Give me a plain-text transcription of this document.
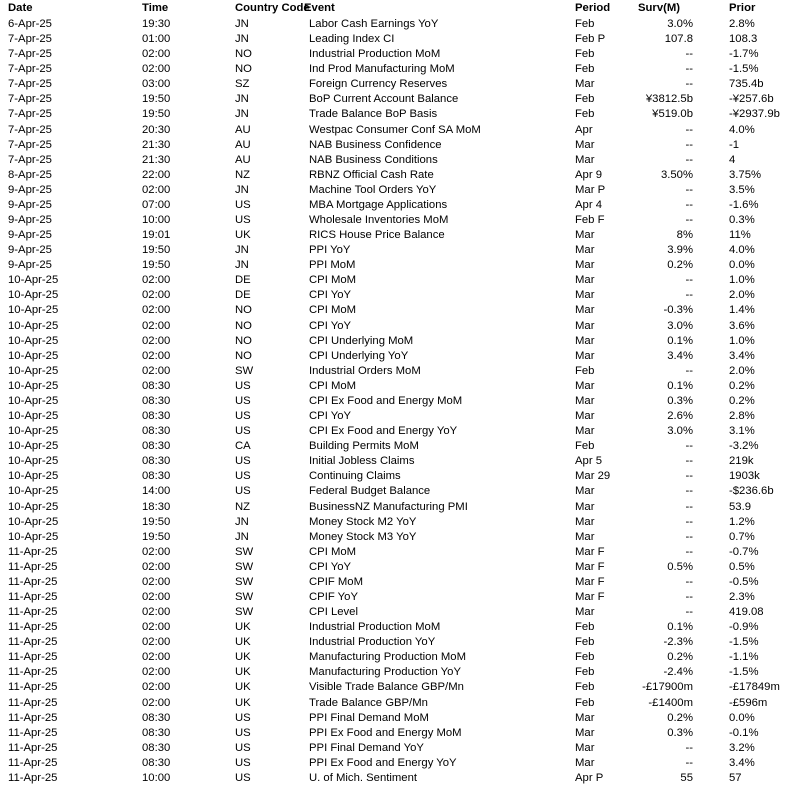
Date	Time	Country Code	Event	Period	Surv(M)	Prior
6-Apr-25	19:30	JN	Labor Cash Earnings YoY	Feb	3.0%	2.8%
7-Apr-25	01:00	JN	Leading Index CI	Feb P	107.8	108.3
7-Apr-25	02:00	NO	Industrial Production MoM	Feb	--	-1.7%
7-Apr-25	02:00	NO	Ind Prod Manufacturing MoM	Feb	--	-1.5%
7-Apr-25	03:00	SZ	Foreign Currency Reserves	Mar	--	735.4b
7-Apr-25	19:50	JN	BoP Current Account Balance	Feb	¥3812.5b	-¥257.6b
7-Apr-25	19:50	JN	Trade Balance BoP Basis	Feb	¥519.0b	-¥2937.9b
7-Apr-25	20:30	AU	Westpac Consumer Conf SA MoM	Apr	--	4.0%
7-Apr-25	21:30	AU	NAB Business Confidence	Mar	--	-1
7-Apr-25	21:30	AU	NAB Business Conditions	Mar	--	4
8-Apr-25	22:00	NZ	RBNZ Official Cash Rate	Apr 9	3.50%	3.75%
9-Apr-25	02:00	JN	Machine Tool Orders YoY	Mar P	--	3.5%
9-Apr-25	07:00	US	MBA Mortgage Applications	Apr 4	--	-1.6%
9-Apr-25	10:00	US	Wholesale Inventories MoM	Feb F	--	0.3%
9-Apr-25	19:01	UK	RICS House Price Balance	Mar	8%	11%
9-Apr-25	19:50	JN	PPI YoY	Mar	3.9%	4.0%
9-Apr-25	19:50	JN	PPI MoM	Mar	0.2%	0.0%
10-Apr-25	02:00	DE	CPI MoM	Mar	--	1.0%
10-Apr-25	02:00	DE	CPI YoY	Mar	--	2.0%
10-Apr-25	02:00	NO	CPI MoM	Mar	-0.3%	1.4%
10-Apr-25	02:00	NO	CPI YoY	Mar	3.0%	3.6%
10-Apr-25	02:00	NO	CPI Underlying MoM	Mar	0.1%	1.0%
10-Apr-25	02:00	NO	CPI Underlying YoY	Mar	3.4%	3.4%
10-Apr-25	02:00	SW	Industrial Orders MoM	Feb	--	2.0%
10-Apr-25	08:30	US	CPI MoM	Mar	0.1%	0.2%
10-Apr-25	08:30	US	CPI Ex Food and Energy MoM	Mar	0.3%	0.2%
10-Apr-25	08:30	US	CPI YoY	Mar	2.6%	2.8%
10-Apr-25	08:30	US	CPI Ex Food and Energy YoY	Mar	3.0%	3.1%
10-Apr-25	08:30	CA	Building Permits MoM	Feb	--	-3.2%
10-Apr-25	08:30	US	Initial Jobless Claims	Apr 5	--	219k
10-Apr-25	08:30	US	Continuing Claims	Mar 29	--	1903k
10-Apr-25	14:00	US	Federal Budget Balance	Mar	--	-$236.6b
10-Apr-25	18:30	NZ	BusinessNZ Manufacturing PMI	Mar	--	53.9
10-Apr-25	19:50	JN	Money Stock M2 YoY	Mar	--	1.2%
10-Apr-25	19:50	JN	Money Stock M3 YoY	Mar	--	0.7%
11-Apr-25	02:00	SW	CPI MoM	Mar F	--	-0.7%
11-Apr-25	02:00	SW	CPI YoY	Mar F	0.5%	0.5%
11-Apr-25	02:00	SW	CPIF MoM	Mar F	--	-0.5%
11-Apr-25	02:00	SW	CPIF YoY	Mar F	--	2.3%
11-Apr-25	02:00	SW	CPI Level	Mar	--	419.08
11-Apr-25	02:00	UK	Industrial Production MoM	Feb	0.1%	-0.9%
11-Apr-25	02:00	UK	Industrial Production YoY	Feb	-2.3%	-1.5%
11-Apr-25	02:00	UK	Manufacturing Production MoM	Feb	0.2%	-1.1%
11-Apr-25	02:00	UK	Manufacturing Production YoY	Feb	-2.4%	-1.5%
11-Apr-25	02:00	UK	Visible Trade Balance GBP/Mn	Feb	-£17900m	-£17849m
11-Apr-25	02:00	UK	Trade Balance GBP/Mn	Feb	-£1400m	-£596m
11-Apr-25	08:30	US	PPI Final Demand MoM	Mar	0.2%	0.0%
11-Apr-25	08:30	US	PPI Ex Food and Energy MoM	Mar	0.3%	-0.1%
11-Apr-25	08:30	US	PPI Final Demand YoY	Mar	--	3.2%
11-Apr-25	08:30	US	PPI Ex Food and Energy YoY	Mar	--	3.4%
11-Apr-25	10:00	US	U. of Mich. Sentiment	Apr P	55	57
